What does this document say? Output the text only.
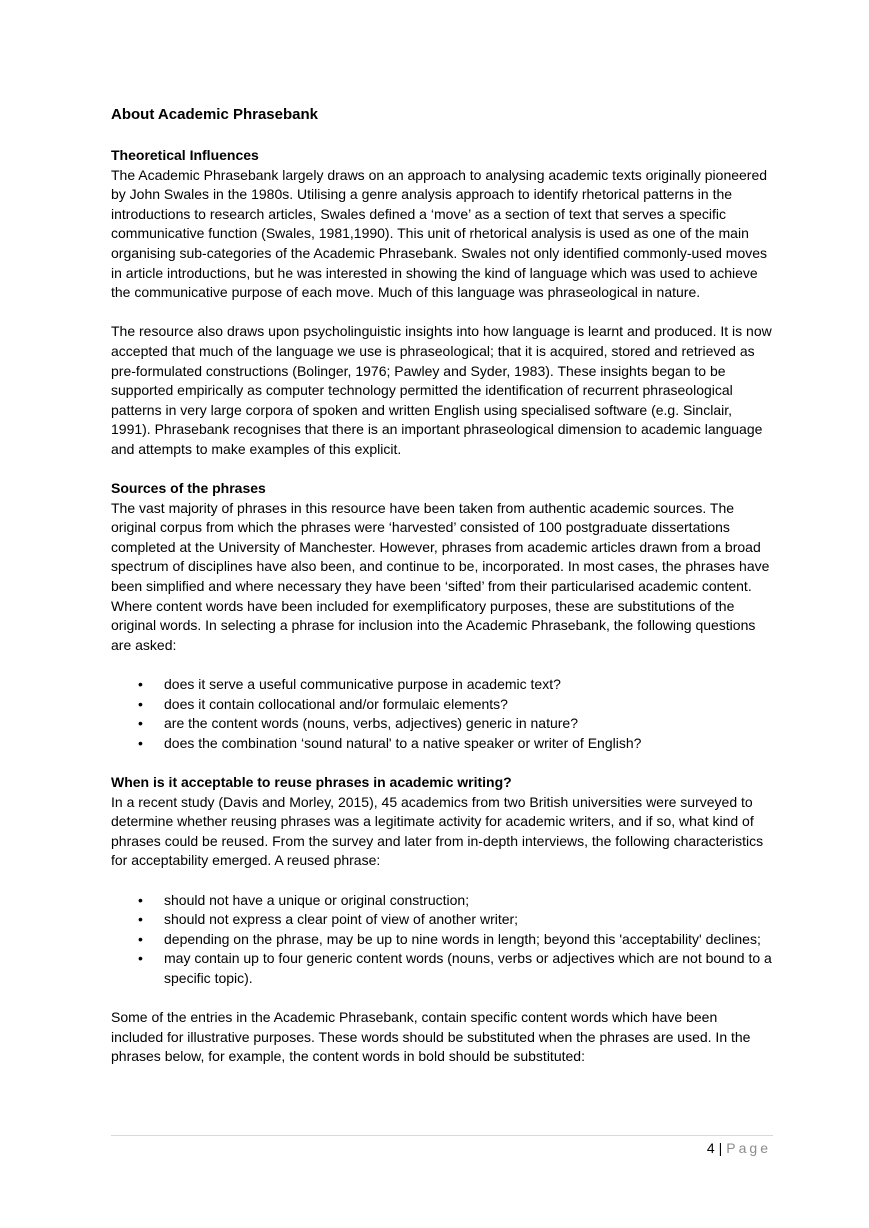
About Academic Phrasebank
Theoretical Influences

The Academic Phrasebank largely draws on an approach to analysing academic texts originally pioneered by John Swales in the 1980s. Utilising a genre analysis approach to identify rhetorical patterns in the introductions to research articles, Swales defined a ‘move’ as a section of text that serves a specific communicative function (Swales, 1981,1990). This unit of rhetorical analysis is used as one of the main organising sub-categories of the Academic Phrasebank. Swales not only identified commonly-used moves in article introductions, but he was interested in showing the kind of language which was used to achieve the communicative purpose of each move. Much of this language was phraseological in nature.

The resource also draws upon psycholinguistic insights into how language is learnt and produced. It is now accepted that much of the language we use is phraseological; that it is acquired, stored and retrieved as pre-formulated constructions (Bolinger, 1976; Pawley and Syder, 1983). These insights began to be supported empirically as computer technology permitted the identification of recurrent phraseological patterns in very large corpora of spoken and written English using specialised software (e.g. Sinclair, 1991). Phrasebank recognises that there is an important phraseological dimension to academic language and attempts to make examples of this explicit.

Sources of the phrases

The vast majority of phrases in this resource have been taken from authentic academic sources. The original corpus from which the phrases were ‘harvested’ consisted of 100 postgraduate dissertations completed at the University of Manchester. However, phrases from academic articles drawn from a broad spectrum of disciplines have also been, and continue to be, incorporated. In most cases, the phrases have been simplified and where necessary they have been ‘sifted’ from their particularised academic content. Where content words have been included for exemplificatory purposes, these are substitutions of the original words. In selecting a phrase for inclusion into the Academic Phrasebank, the following questions are asked:

• does it serve a useful communicative purpose in academic text?
• does it contain collocational and/or formulaic elements?
• are the content words (nouns, verbs, adjectives) generic in nature?
• does the combination ‘sound natural' to a native speaker or writer of English?
When is it acceptable to reuse phrases in academic writing?

In a recent study (Davis and Morley, 2015), 45 academics from two British universities were surveyed to determine whether reusing phrases was a legitimate activity for academic writers, and if so, what kind of phrases could be reused. From the survey and later from in-depth interviews, the following characteristics for acceptability emerged. A reused phrase:

• should not have a unique or original construction;
• should not express a clear point of view of another writer;
• depending on the phrase, may be up to nine words in length; beyond this 'acceptability' declines;
• may contain up to four generic content words (nouns, verbs or adjectives which are not bound to a specific topic).

Some of the entries in the Academic Phrasebank, contain specific content words which have been included for illustrative purposes. These words should be substituted when the phrases are used. In the phrases below, for example, the content words in bold should be substituted:

4 | Page
